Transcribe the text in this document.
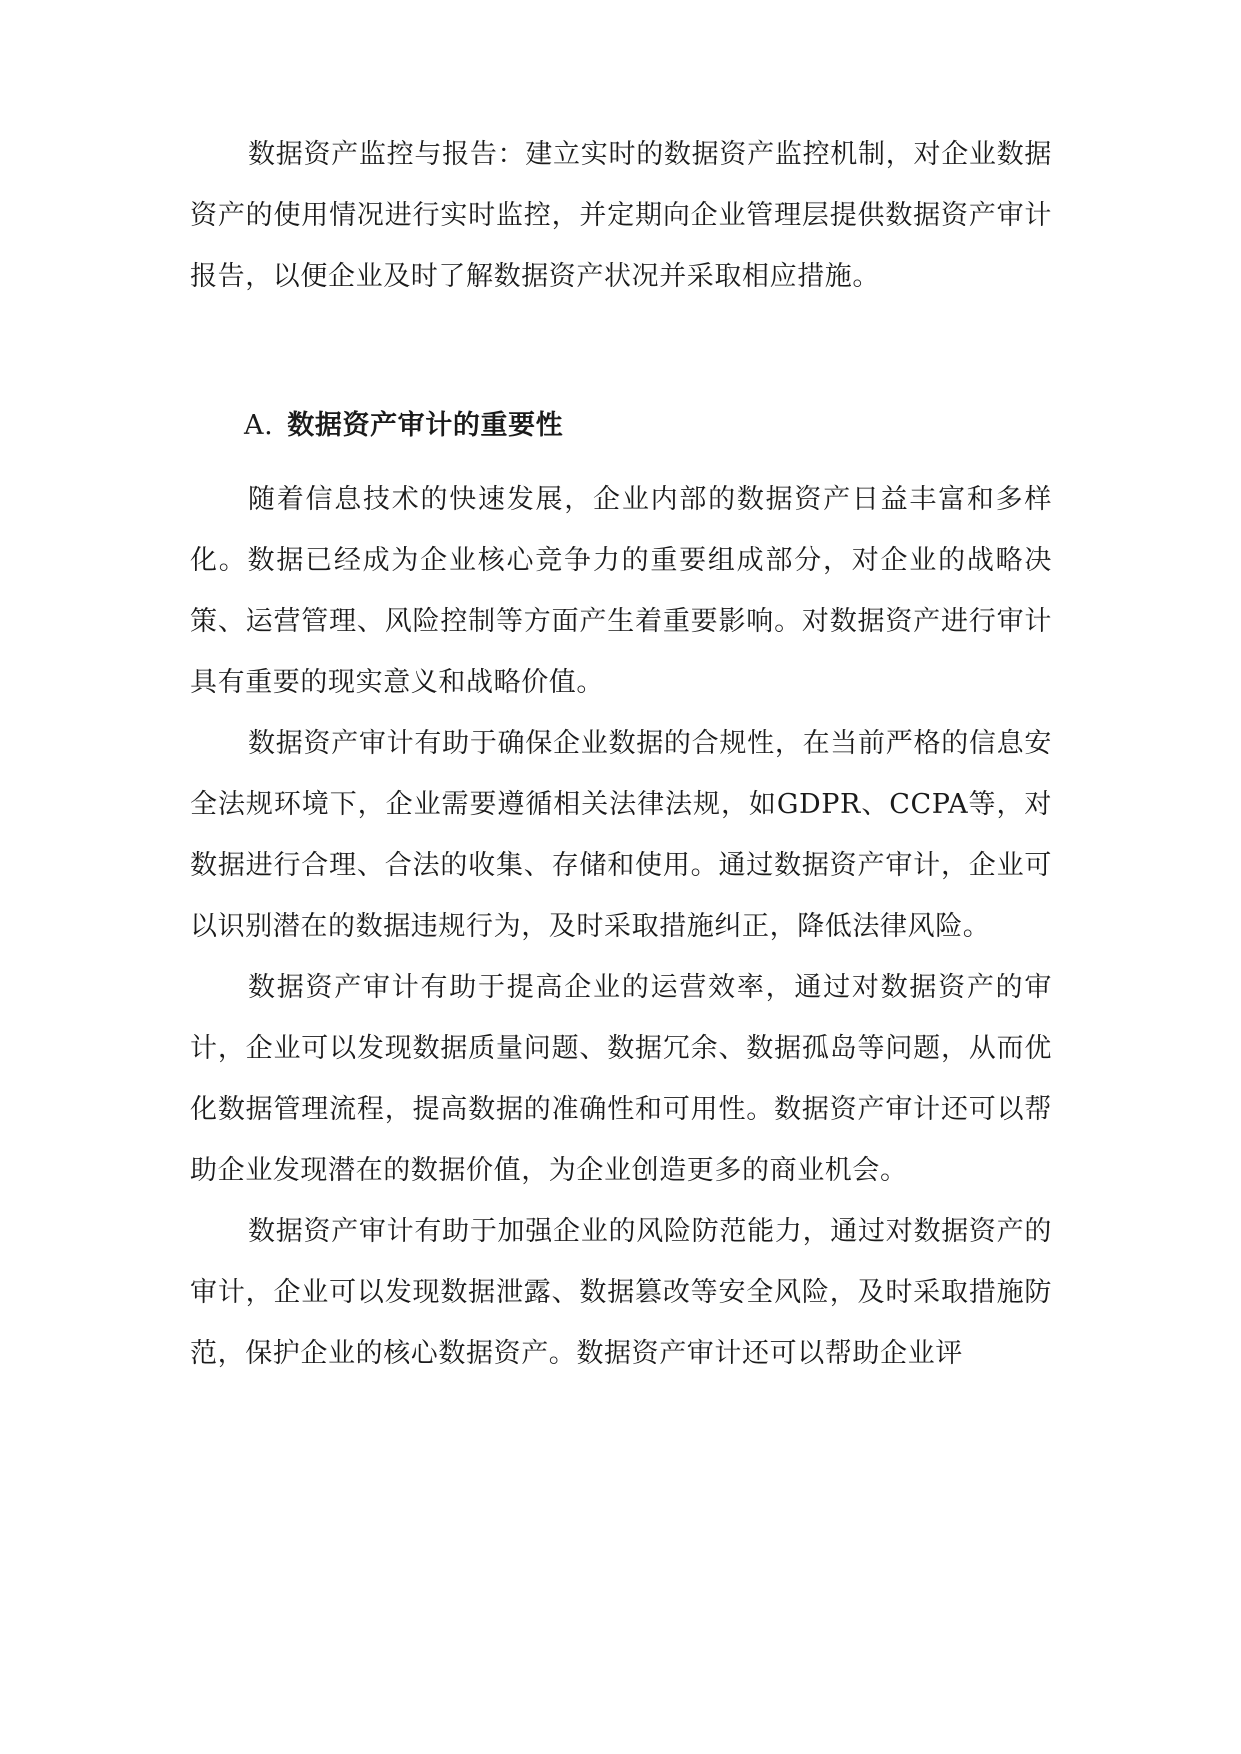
数据资产监控与报告：建立实时的数据资产监控机制，对企业数据资产的使用情况进行实时监控，并定期向企业管理层提供数据资产审计报告，以便企业及时了解数据资产状况并采取相应措施。

A. 数据资产审计的重要性

随着信息技术的快速发展，企业内部的数据资产日益丰富和多样化。数据已经成为企业核心竞争力的重要组成部分，对企业的战略决策、运营管理、风险控制等方面产生着重要影响。对数据资产进行审计具有重要的现实意义和战略价值。

数据资产审计有助于确保企业数据的合规性，在当前严格的信息安全法规环境下，企业需要遵循相关法律法规，如GDPR、CCPA等，对数据进行合理、合法的收集、存储和使用。通过数据资产审计，企业可以识别潜在的数据违规行为，及时采取措施纠正，降低法律风险。

数据资产审计有助于提高企业的运营效率，通过对数据资产的审计，企业可以发现数据质量问题、数据冗余、数据孤岛等问题，从而优化数据管理流程，提高数据的准确性和可用性。数据资产审计还可以帮助企业发现潜在的数据价值，为企业创造更多的商业机会。

数据资产审计有助于加强企业的风险防范能力，通过对数据资产的审计，企业可以发现数据泄露、数据篡改等安全风险，及时采取措施防范，保护企业的核心数据资产。数据资产审计还可以帮助企业评
